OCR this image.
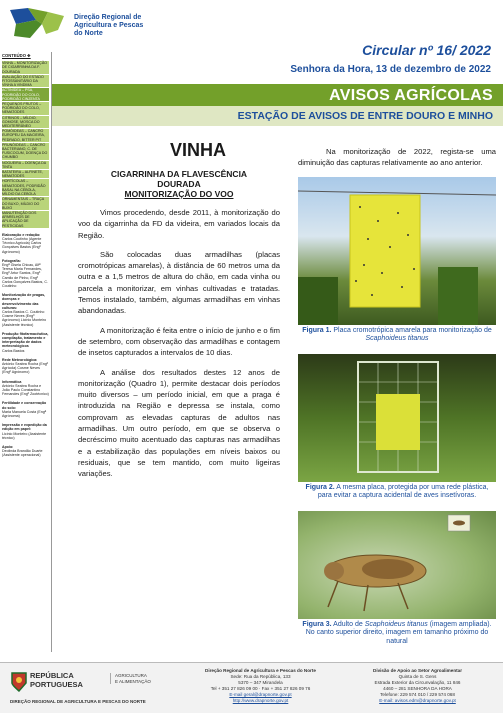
Direção Regional de
Agricultura e Pescas
do Norte
Circular nº 16/ 2022
Senhora da Hora, 13 de dezembro de 2022
AVISOS AGRÍCOLAS
ESTAÇÃO DE AVISOS DE ENTRE DOURO E MINHO
CONTEÚDO ✥
VINHA – MONITORIZAÇÃO DE CIGARRINHA DA F. DOURADA
AVALIAÇÃO DO ESTADO FITOSSANITÁRIO DA VINHA A VINDIMA
ACTINÍDEA – PSA, PODRIDÃO DO COLO, PODRIDÃO CINZENTA
PEQUENOS FRUTOS – PODRIDÃO DO COLO, NEMATODES
CITRINOS – MÍLDIO, GOMOSE, MOSCA DO MEDITERRÂNEO
POMÓIDEAS – CANCRO EUROPEU DA MACIEIRA, PEDRADO, BITTER PIT
PRUNÓIDEAS – CANCRO BACTERIANO, C. DE FUSICOCUM, DOENÇA DO CHUMBO
NOGUEIRA – DOENÇA DA TINTA
BATATEIRA – ALFINETE, NEMATODES
HORTÍCOLAS – NEMATODES, PODRIDÃO BASAL NA CEBOLA, MÍLDIO DA CEBOLA
ORNAMENTAIS – TRAÇA DO BUXO, MÍLDIO DO BUXO
MANUTENÇÃO DOS APARELHOS DE APLICAÇÃO DE PESTICIDAS
Elaboração e redação:
Carlos Coutinho (Agente Técnico Agrícola) Carlos Gonçalves Bastos (Engº Agrónomo)
Fotografia:
Engª Gisela Chicau, Alfª Teresa Maria Fernandes, Engº Artur Santos, Engº Camilo de Pinho, Engº Carlos Gonçalves Bastos, C. Coutinho
Monitorização de pragas, doenças e desenvolvimento das culturas:
Carlos Bastos C. Coutinho Cosme Neves (Engº Agrónomo) Licínio Monteiro (Assistente técnico)
Produção fitofarmacêutica, compilação, tratamento e interpretação de dados meteorológicos
Carlos Bastos
Rede Meteorológica:
António Seabra Rocha (Engº Agrícola) Cosme Neves (Engº Agrónomo)
Informática
António Seabra Rocha e João Paulo Constantino Fernandes (Engº Zootécnico)
Fertilidade e conservação do solo:
Maria Manuela Costa (Engª Agrónoma)
Impressão e expedição da edição em papel:
Licínio Monteiro (Assistente técnico)
Apoio:
Deolinda Brandão Duarte (Assistente operacional)
VINHA
CIGARRINHA DA FLAVESCÊNCIA
DOURADA
MONITORIZAÇÃO DO VOO

Vimos procedendo, desde 2011, à monitorização do voo da cigarrinha da FD da videira, em variados locais da Região.

São colocadas duas armadilhas (placas cromotrópicas amarelas), à distância de 60 metros uma da outra e a 1,5 metros de altura do chão, em cada vinha ou parcela a monitorizar, em vinhas cultivadas e tratadas. Temos instalado, também, algumas armadilhas em vinhas abandonadas.

A monitorização é feita entre o início de junho e o fim de setembro, com observação das armadilhas e contagem de insetos capturados a intervalos de 10 dias.

A análise dos resultados destes 12 anos de monitorização (Quadro 1), permite destacar dois períodos muito diversos – um período inicial, em que a praga é introduzida na Região e depressa se instala, como comprovam as elevadas capturas de adultos nas armadilhas. Um outro período, em que se observa o decréscimo muito acentuado das capturas nas armadilhas e a estabilização das populações em níveis baixos ou residuais, que se tem mantido, com muito ligeiras variações.

Na monitorização de 2022, regista-se uma diminuição das capturas relativamente ao ano anterior.

Figura 1. Placa cromotrópica amarela para monitorização de Scaphoideus titanus
Figura 2. A mesma placa, protegida por uma rede plástica, para evitar a captura acidental de aves insetívoras.
Figura 3. Adulto de Scaphoideus titanus (imagem ampliada). No canto superior direito, imagem em tamanho próximo do natural
REPÚBLICA
PORTUGUESA
AGRICULTURA
E ALIMENTAÇÃO
DIREÇÃO REGIONAL DE AGRICULTURA E PESCAS DO NORTE
Direção Regional de Agricultura e Pescas do Norte
Sede: Rua da República, 133
5370 – 347 Mirandela
Tel + 351 27 826 09 00 · Fax + 351 27 826 09 76
E-mail geral@drapnorte.gov.pt
http://www.drapnorte.gov.pt
Divisão de Apoio ao Setor Agroalimentar
Quinta de S. Gens
Estrada Exterior da Circunvalação, 11 846
4460 – 281 SENHORA DA HORA
Telefone: 229 574 010 / 229 574 068
E-mail: avisos.edm@drapnorte.gov.pt
